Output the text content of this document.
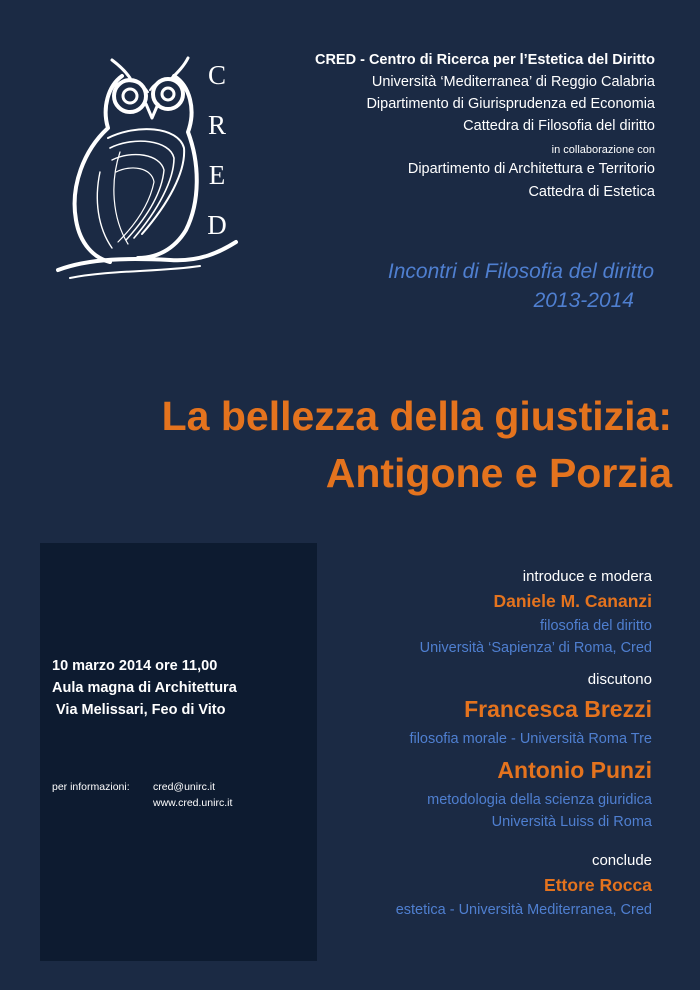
C
R
E
D
CRED - Centro di Ricerca per l’Estetica del Diritto
Università ‘Mediterranea’ di Reggio Calabria
Dipartimento di Giurisprudenza ed Economia
Cattedra di Filosofia del diritto
in collaborazione con
Dipartimento di Architettura e Territorio
Cattedra di Estetica
Incontri di Filosofia del diritto
2013-2014
La bellezza della giustizia:
Antigone e Porzia
10 marzo 2014 ore 11,00
Aula magna di Architettura
Via Melissari, Feo di Vito
per informazioni: cred@unirc.it
www.cred.unirc.it
introduce e modera
Daniele M. Cananzi
filosofia del diritto
Università ‘Sapienza’ di Roma, Cred
discutono
Francesca Brezzi
filosofia morale - Università Roma Tre
Antonio Punzi
metodologia della scienza giuridica
Università Luiss di Roma
conclude
Ettore Rocca
estetica - Università Mediterranea, Cred
